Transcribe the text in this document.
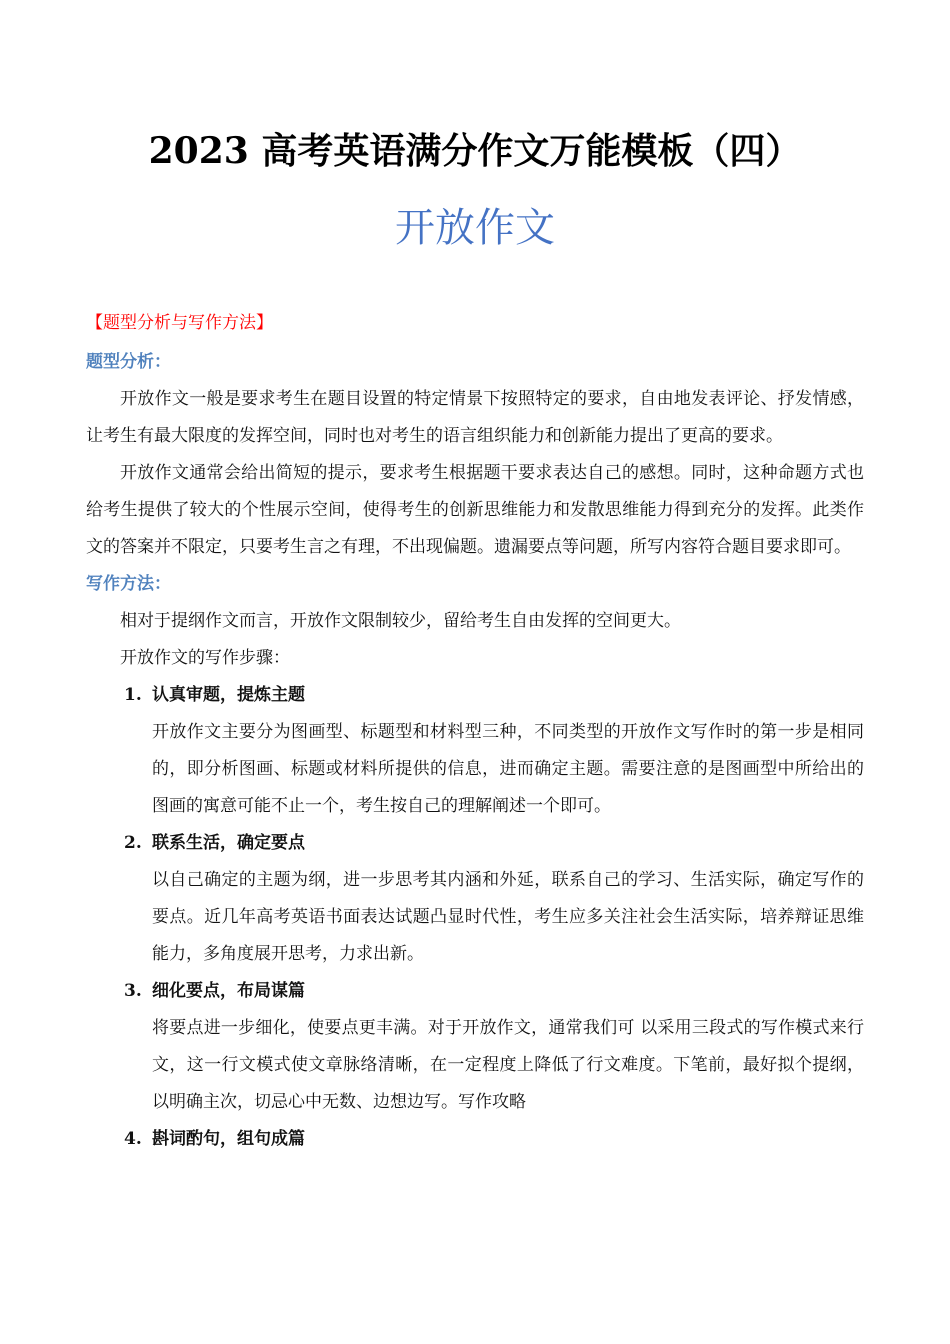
2023 高考英语满分作文万能模板（四）
开放作文
【题型分析与写作方法】

题型分析：

开放作文一般是要求考生在题目设置的特定情景下按照特定的要求，自由地发表评论、抒发情感，让考生有最大限度的发挥空间，同时也对考生的语言组织能力和创新能力提出了更高的要求。

开放作文通常会给出简短的提示，要求考生根据题干要求表达自己的感想。同时，这种命题方式也给考生提供了较大的个性展示空间，使得考生的创新思维能力和发散思维能力得到充分的发挥。此类作文的答案并不限定，只要考生言之有理，不出现偏题。遗漏要点等问题，所写内容符合题目要求即可。

写作方法：

相对于提纲作文而言，开放作文限制较少，留给考生自由发挥的空间更大。

开放作文的写作步骤：

1. 认真审题，提炼主题

开放作文主要分为图画型、标题型和材料型三种，不同类型的开放作文写作时的第一步是相同的，即分析图画、标题或材料所提供的信息，进而确定主题。需要注意的是图画型中所给出的图画的寓意可能不止一个，考生按自己的理解阐述一个即可。

2. 联系生活，确定要点

以自己确定的主题为纲，进一步思考其内涵和外延，联系自己的学习、生活实际，确定写作的要点。近几年高考英语书面表达试题凸显时代性，考生应多关注社会生活实际，培养辩证思维能力，多角度展开思考，力求出新。

3. 细化要点，布局谋篇

将要点进一步细化，使要点更丰满。对于开放作文，通常我们可 以采用三段式的写作模式来行文，这一行文模式使文章脉络清晰，在一定程度上降低了行文难度。下笔前，最好拟个提纲，以明确主次，切忌心中无数、边想边写。写作攻略

4. 斟词酌句，组句成篇
